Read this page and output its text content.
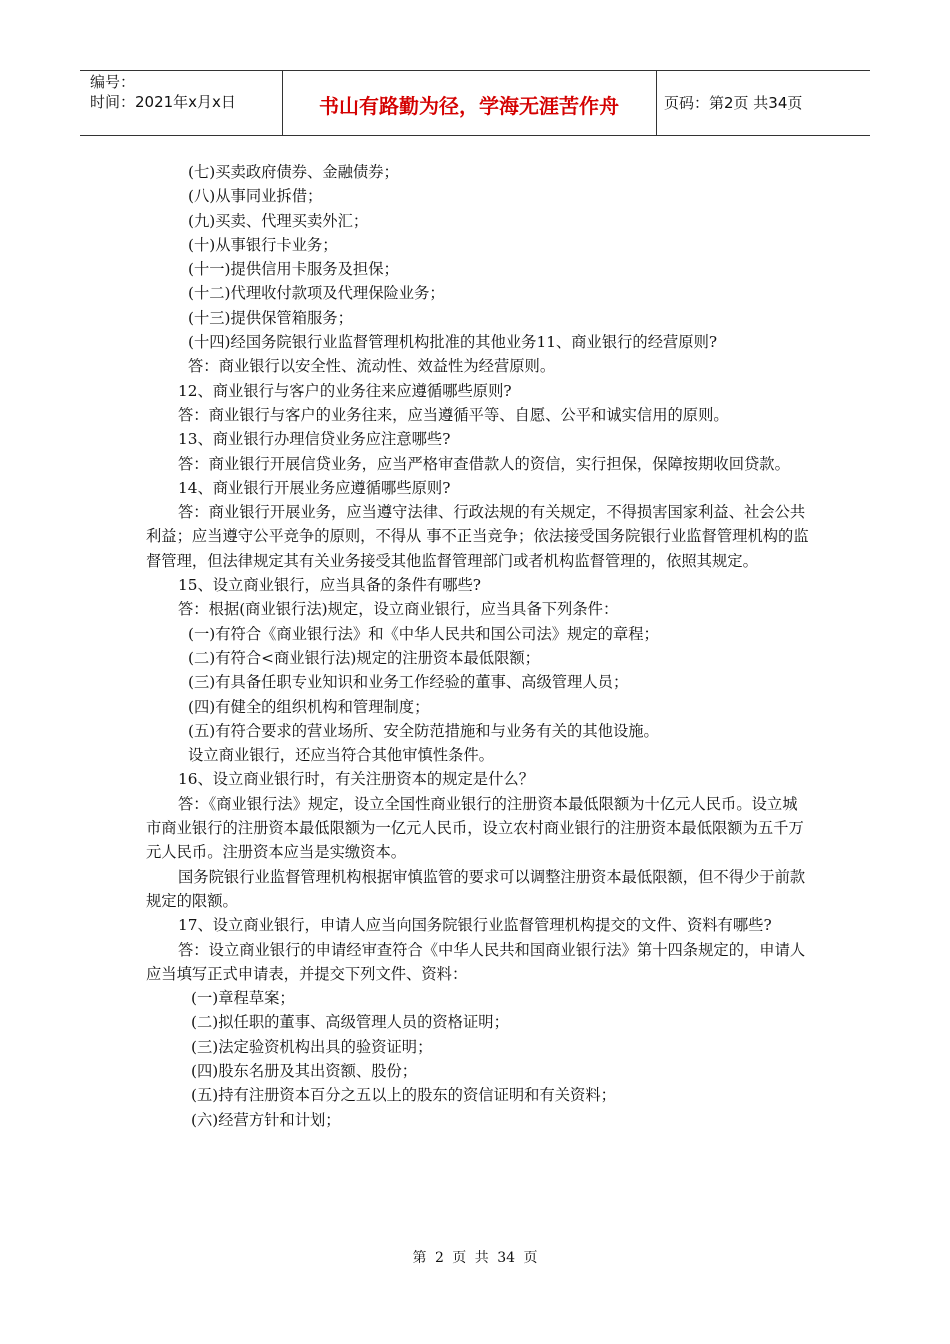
编号：
时间：2021年x月x日	书山有路勤为径，学海无涯苦作舟	页码：第2页 共34页

(七)买卖政府债券、金融债券；

(八)从事同业拆借；

(九)买卖、代理买卖外汇；

(十)从事银行卡业务；

(十一)提供信用卡服务及担保；

(十二)代理收付款项及代理保险业务；

(十三)提供保管箱服务；

(十四)经国务院银行业监督管理机构批准的其他业务11、商业银行的经营原则?

答：商业银行以安全性、流动性、效益性为经营原则。

12、商业银行与客户的业务往来应遵循哪些原则?

答：商业银行与客户的业务往来，应当遵循平等、自愿、公平和诚实信用的原则。

13、商业银行办理信贷业务应注意哪些?

答：商业银行开展信贷业务，应当严格审查借款人的资信，实行担保，保障按期收回贷款。

14、商业银行开展业务应遵循哪些原则?

答：商业银行开展业务，应当遵守法律、行政法规的有关规定，不得损害国家利益、社会公共利益；应当遵守公平竞争的原则，不得从 事不正当竞争；依法接受国务院银行业监督管理机构的监督管理，但法律规定其有关业务接受其他监督管理部门或者机构监督管理的，依照其规定。

15、设立商业银行，应当具备的条件有哪些?

答：根据(商业银行法)规定，设立商业银行，应当具备下列条件：

(一)有符合《商业银行法》和《中华人民共和国公司法》规定的章程；

(二)有符合<商业银行法)规定的注册资本最低限额；

(三)有具备任职专业知识和业务工作经验的董事、高级管理人员；

(四)有健全的组织机构和管理制度；

(五)有符合要求的营业场所、安全防范措施和与业务有关的其他设施。

设立商业银行，还应当符合其他审慎性条件。

16、设立商业银行时，有关注册资本的规定是什么？

答：《商业银行法》规定，设立全国性商业银行的注册资本最低限额为十亿元人民币。设立城市商业银行的注册资本最低限额为一亿元人民币，设立农村商业银行的注册资本最低限额为五千万元人民币。注册资本应当是实缴资本。

国务院银行业监督管理机构根据审慎监管的要求可以调整注册资本最低限额，但不得少于前款规定的限额。

17、设立商业银行，申请人应当向国务院银行业监督管理机构提交的文件、资料有哪些?

答：设立商业银行的申请经审查符合《中华人民共和国商业银行法》第十四条规定的，申请人应当填写正式申请表，并提交下列文件、资料：

(一)章程草案；

(二)拟任职的董事、高级管理人员的资格证明；

(三)法定验资机构出具的验资证明；

(四)股东名册及其出资额、股份；

(五)持有注册资本百分之五以上的股东的资信证明和有关资料；

(六)经营方针和计划；

第 2 页 共 34 页
